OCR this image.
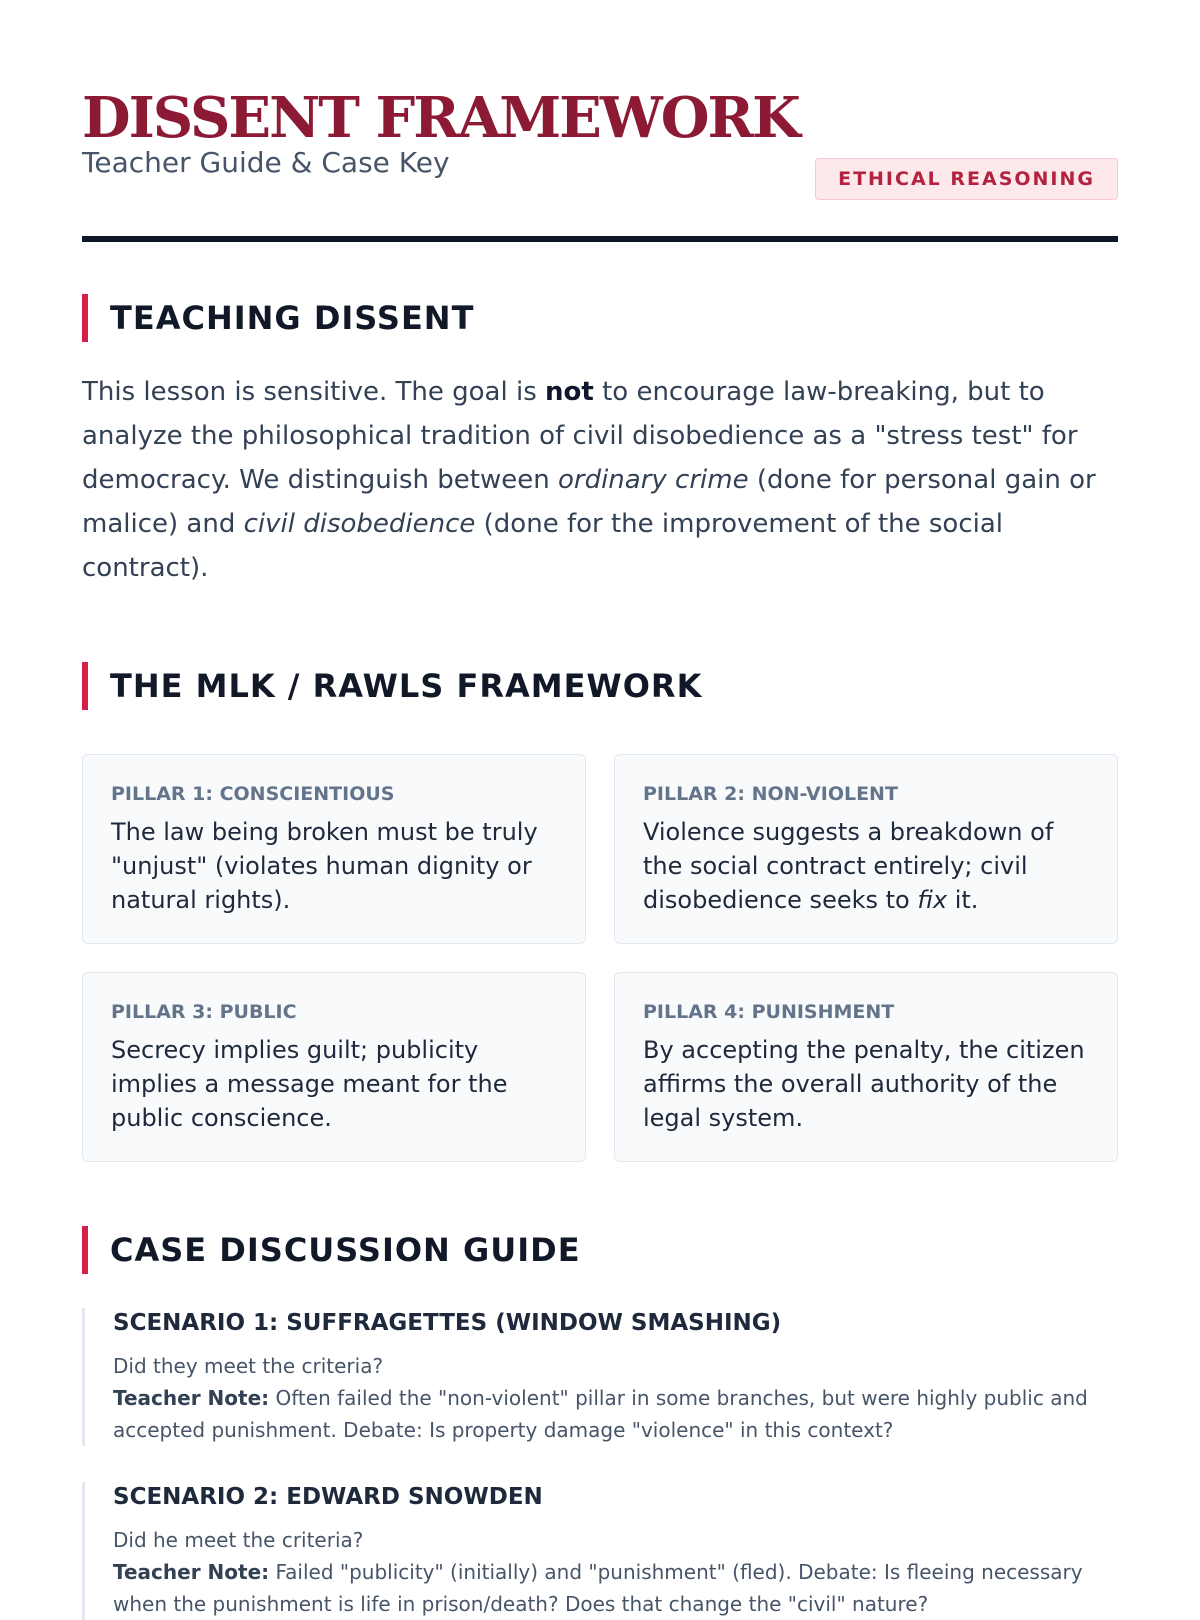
DISSENT FRAMEWORK

Teacher Guide & Case Key	ETHICAL REASONING
TEACHING DISSENT

This lesson is sensitive. The goal is not to encourage law-breaking, but to analyze the philosophical tradition of civil disobedience as a "stress test" for democracy. We distinguish between ordinary crime (done for personal gain or malice) and civil disobedience (done for the improvement of the social contract).

THE MLK / RAWLS FRAMEWORK

PILLAR 1: CONSCIENTIOUS

The law being broken must be truly "unjust" (violates human dignity or natural rights).

PILLAR 2: NON-VIOLENT

Violence suggests a breakdown of the social contract entirely; civil disobedience seeks to fix it.

PILLAR 3: PUBLIC

Secrecy implies guilt; publicity implies a message meant for the public conscience.

PILLAR 4: PUNISHMENT

By accepting the penalty, the citizen affirms the overall authority of the legal system.

CASE DISCUSSION GUIDE

SCENARIO 1: SUFFRAGETTES (WINDOW SMASHING)

Did they meet the criteria?

Teacher Note: Often failed the "non-violent" pillar in some branches, but were highly public and accepted punishment. Debate: Is property damage "violence" in this context?

SCENARIO 2: EDWARD SNOWDEN

Did he meet the criteria?

Teacher Note: Failed "publicity" (initially) and "punishment" (fled). Debate: Is fleeing necessary when the punishment is life in prison/death? Does that change the "civil" nature?
